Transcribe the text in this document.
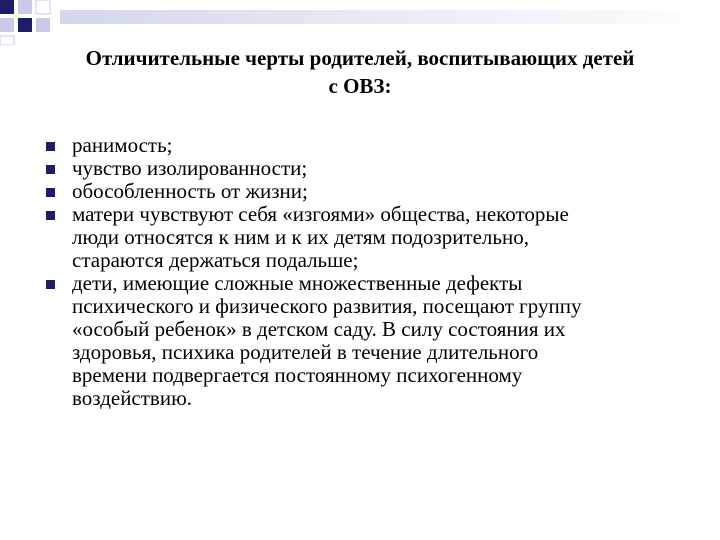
Отличительные черты родителей, воспитывающих детей
с ОВЗ:
ранимость;
чувство изолированности;
обособленность от жизни;
матери чувствуют себя «изгоями» общества, некоторые
люди относятся к ним и к их детям подозрительно,
стараются держаться подальше;
дети, имеющие сложные множественные дефекты
психического и физического развития, посещают группу
«особый ребенок» в детском саду. В силу состояния их
здоровья, психика родителей в течение длительного
времени подвергается постоянному психогенному
воздействию.
